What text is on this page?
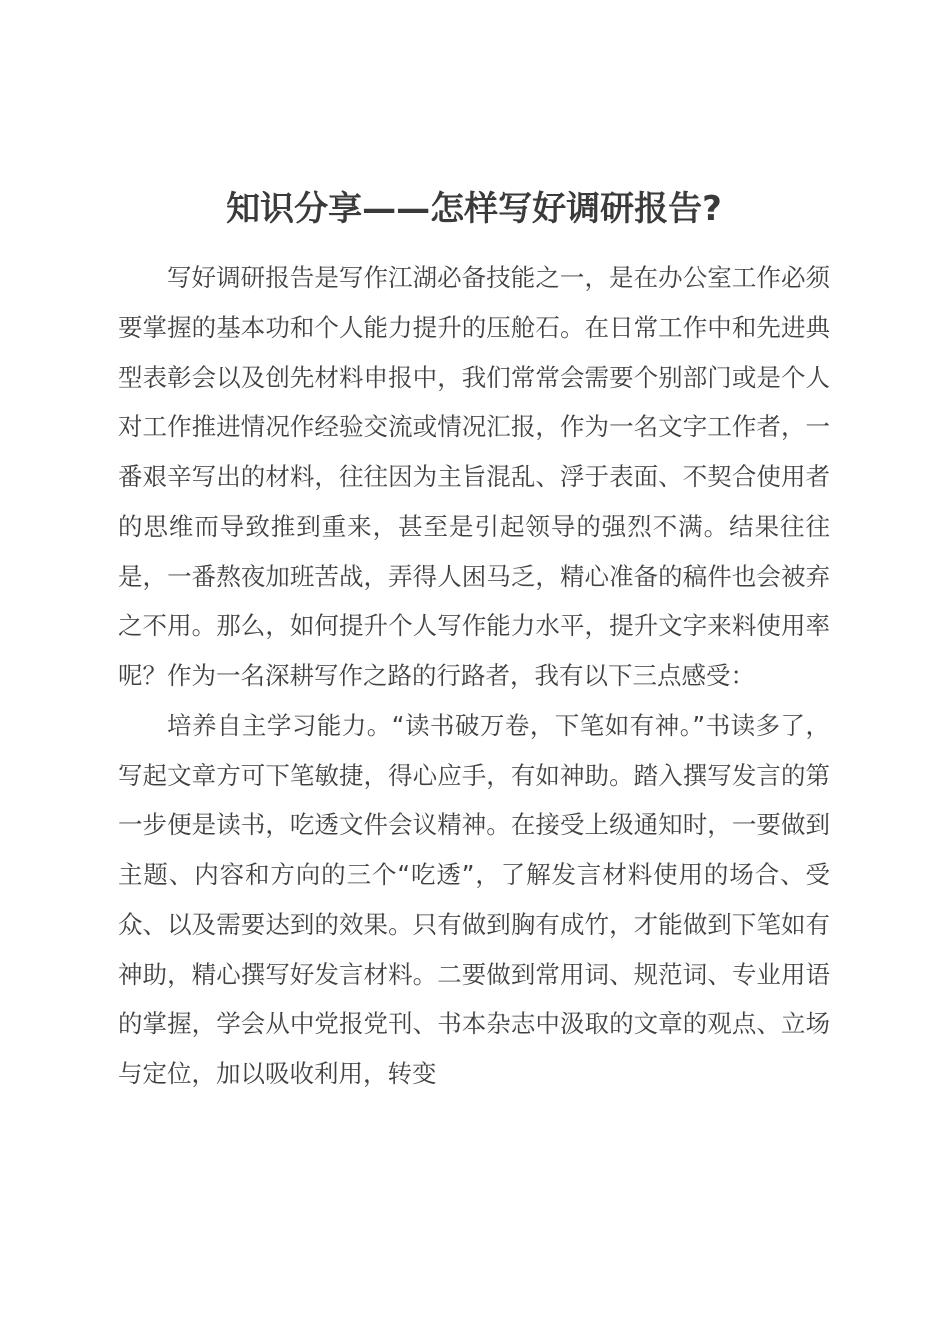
知识分享——怎样写好调研报告?

写好调研报告是写作江湖必备技能之一，是在办公室工作必须要掌握的基本功和个人能力提升的压舱石。在日常工作中和先进典型表彰会以及创先材料申报中，我们常常会需要个别部门或是个人对工作推进情况作经验交流或情况汇报，作为一名文字工作者，一番艰辛写出的材料，往往因为主旨混乱、浮于表面、不契合使用者的思维而导致推到重来，甚至是引起领导的强烈不满。结果往往是，一番熬夜加班苦战，弄得人困马乏，精心准备的稿件也会被弃之不用。那么，如何提升个人写作能力水平，提升文字来料使用率呢？作为一名深耕写作之路的行路者，我有以下三点感受：

培养自主学习能力。“读书破万卷，下笔如有神。”书读多了，写起文章方可下笔敏捷，得心应手，有如神助。踏入撰写发言的第一步便是读书，吃透文件会议精神。在接受上级通知时，一要做到主题、内容和方向的三个“吃透”，了解发言材料使用的场合、受众、以及需要达到的效果。只有做到胸有成竹，才能做到下笔如有神助，精心撰写好发言材料。二要做到常用词、规范词、专业用语的掌握，学会从中党报党刊、书本杂志中汲取的文章的观点、立场与定位，加以吸收利用，转变
